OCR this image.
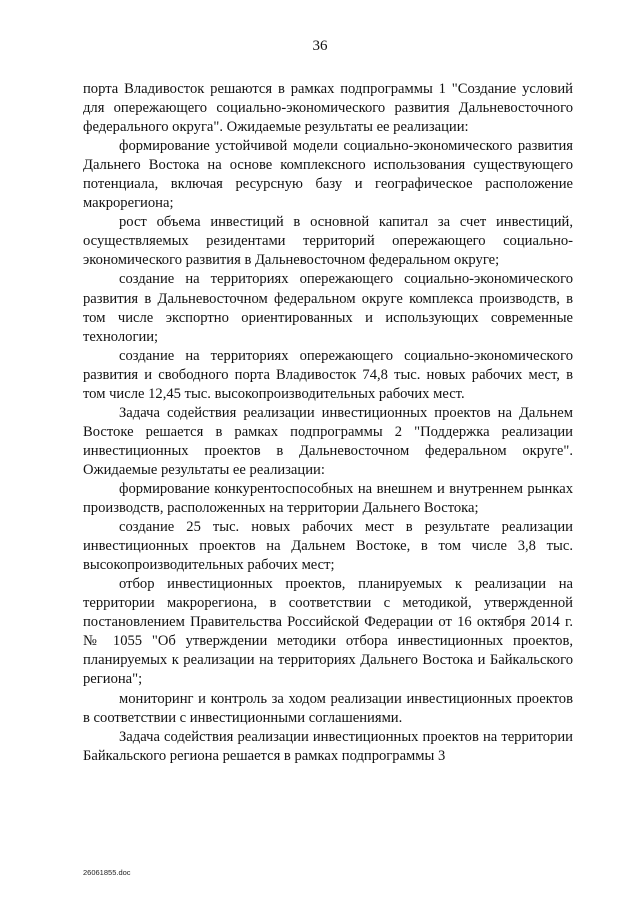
36

порта Владивосток решаются в рамках подпрограммы 1 "Создание условий для опережающего социально-экономического развития Дальневосточного федерального округа". Ожидаемые результаты ее реализации:

формирование устойчивой модели социально-экономического развития Дальнего Востока на основе комплексного использования существующего потенциала, включая ресурсную базу и географическое расположение макрорегиона;

рост объема инвестиций в основной капитал за счет инвестиций, осуществляемых резидентами территорий опережающего социально-экономического развития в Дальневосточном федеральном округе;

создание на территориях опережающего социально-экономического развития в Дальневосточном федеральном округе комплекса производств, в том числе экспортно ориентированных и использующих современные технологии;

создание на территориях опережающего социально-экономического развития и свободного порта Владивосток 74,8 тыс. новых рабочих мест, в том числе 12,45 тыс. высокопроизводительных рабочих мест.

Задача содействия реализации инвестиционных проектов на Дальнем Востоке решается в рамках подпрограммы 2 "Поддержка реализации инвестиционных проектов в Дальневосточном федеральном округе". Ожидаемые результаты ее реализации:

формирование конкурентоспособных на внешнем и внутреннем рынках производств, расположенных на территории Дальнего Востока;

создание 25 тыс. новых рабочих мест в результате реализации инвестиционных проектов на Дальнем Востоке, в том числе 3,8 тыс. высокопроизводительных рабочих мест;

отбор инвестиционных проектов, планируемых к реализации на территории макрорегиона, в соответствии с методикой, утвержденной постановлением Правительства Российской Федерации от 16 октября 2014 г. № 1055 "Об утверждении методики отбора инвестиционных проектов, планируемых к реализации на территориях Дальнего Востока и Байкальского региона";

мониторинг и контроль за ходом реализации инвестиционных проектов в соответствии с инвестиционными соглашениями.

Задача содействия реализации инвестиционных проектов на территории Байкальского региона решается в рамках подпрограммы 3

26061855.doc
